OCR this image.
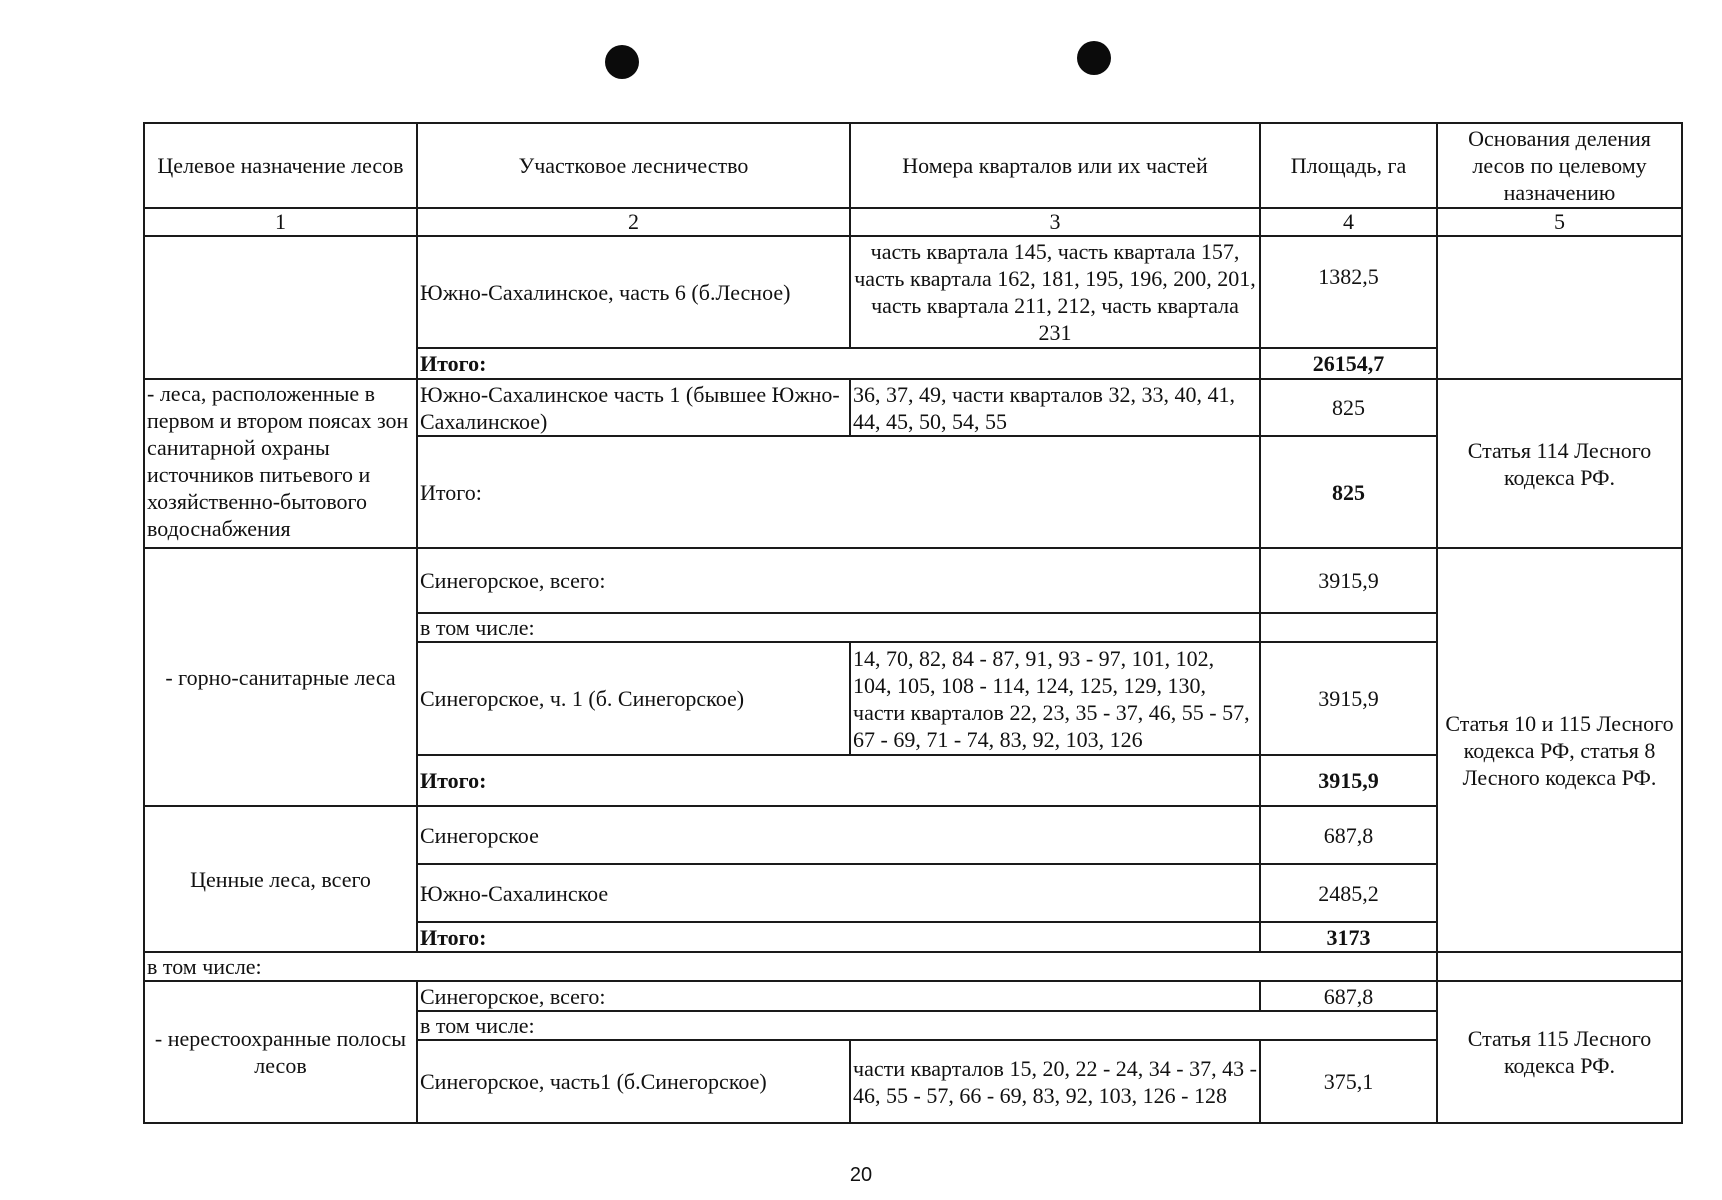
Целевое назначение лесов	Участковое лесничество	Номера кварталов или их частей	Площадь, га	Основания деления лесов по целевому назначению
1	2	3	4	5
	Южно-Сахалинское, часть 6 (б.Лесное)	часть квартала 145, часть квартала 157, часть квартала 162, 181, 195, 196, 200, 201, часть квартала 211, 212, часть квартала 231	1382,5	
	Итого:		26154,7	
- леса, расположенные в первом и втором поясах зон санитарной охраны источников питьевого и хозяйственно-бытового водоснабжения	Южно-Сахалинское часть 1 (бывшее Южно-Сахалинское)	36, 37, 49, части кварталов 32, 33, 40, 41, 44, 45, 50, 54, 55	825	Статья 114 Лесного кодекса РФ.
	Итого:		825	
- горно-санитарные леса	Синегорское, всего:		3915,9	Статья 10 и 115 Лесного кодекса РФ, статья 8 Лесного кодекса РФ.
	в том числе:			
	Синегорское, ч. 1 (б. Синегорское)	14, 70, 82, 84 - 87, 91, 93 - 97, 101, 102, 104, 105, 108 - 114, 124, 125, 129, 130, части кварталов 22, 23, 35 - 37, 46, 55 - 57, 67 - 69, 71 - 74, 83, 92, 103, 126	3915,9	
	Итого:		3915,9	
Ценные леса, всего	Синегорское		687,8	
	Южно-Сахалинское		2485,2	
	Итого:		3173	
в том числе:				
- нерестоохранные полосы лесов	Синегорское, всего:		687,8	Статья 115 Лесного кодекса РФ.
	в том числе:			
	Синегорское, часть1 (б.Синегорское)	части кварталов 15, 20, 22 - 24, 34 - 37, 43 - 46, 55 - 57, 66 - 69, 83, 92, 103, 126 - 128	375,1	
20
